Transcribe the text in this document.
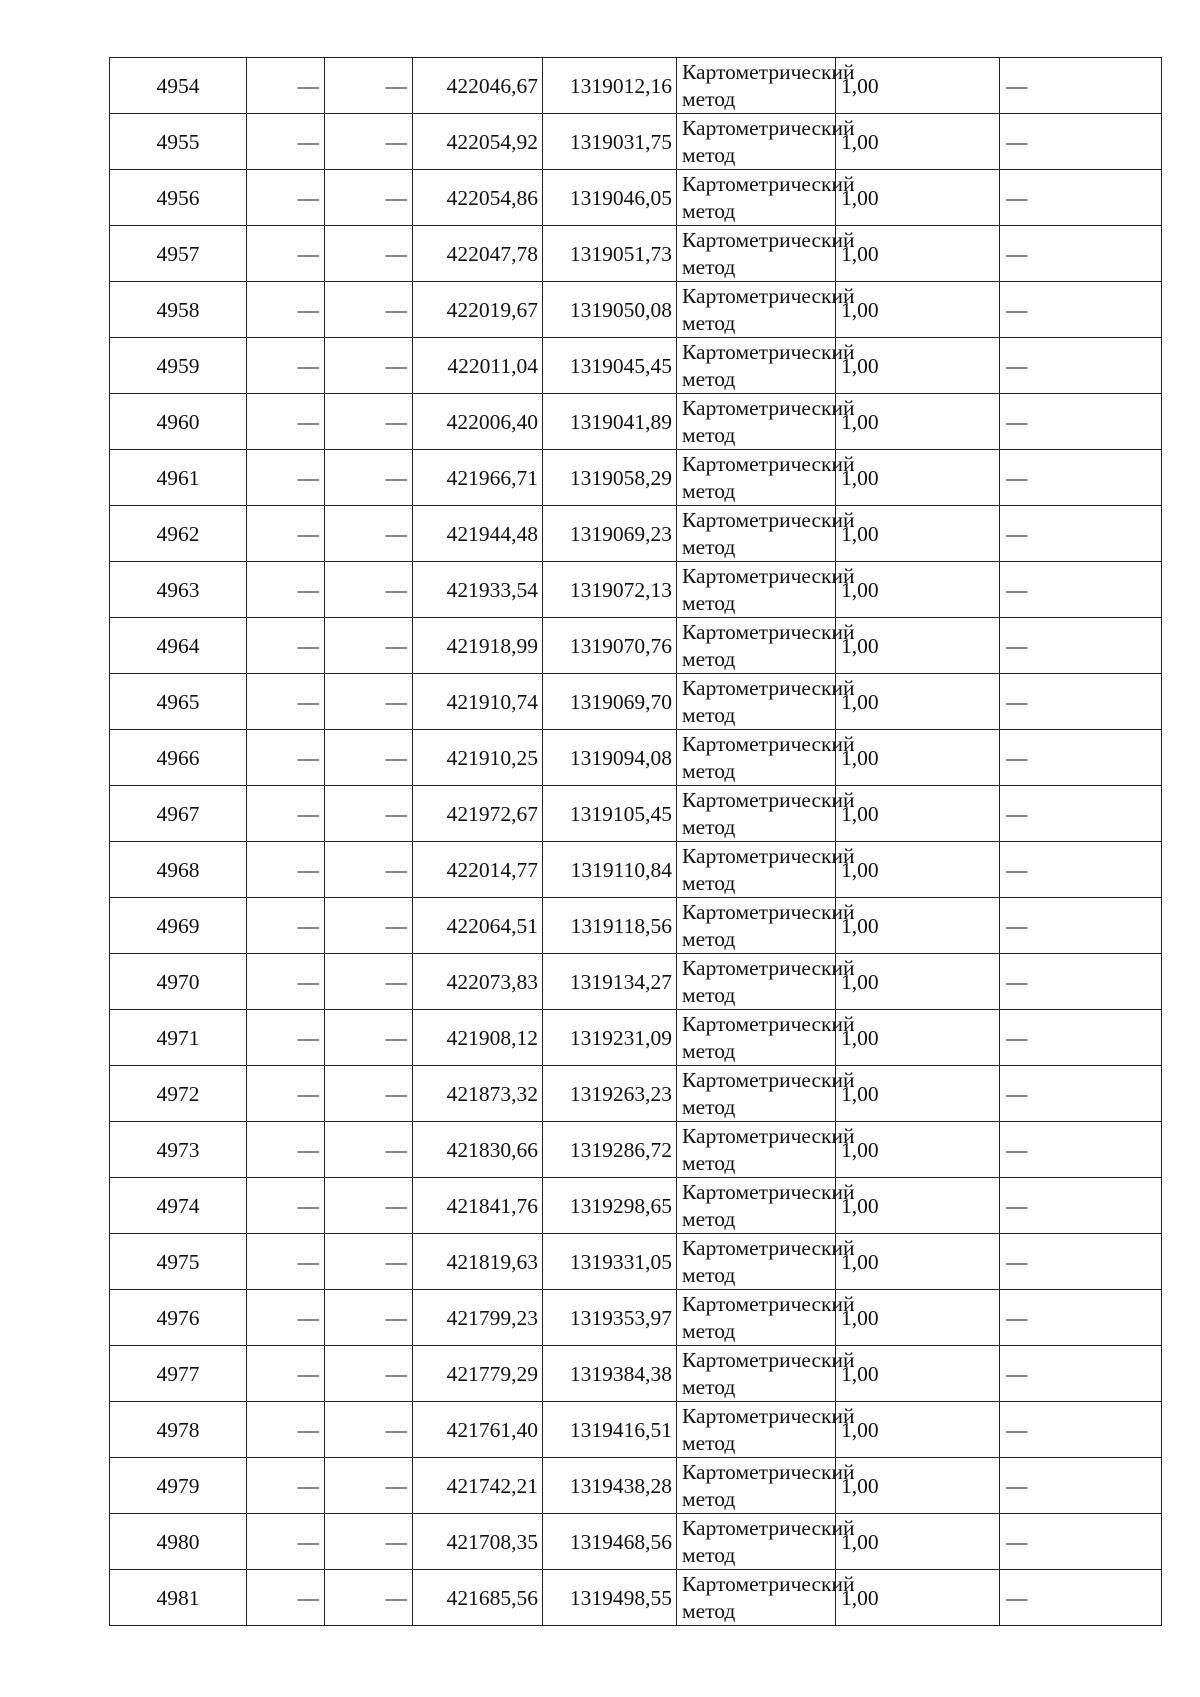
4954	—	—	422046,67	1319012,16	Картометрический метод	1,00	—
4955	—	—	422054,92	1319031,75	Картометрический метод	1,00	—
4956	—	—	422054,86	1319046,05	Картометрический метод	1,00	—
4957	—	—	422047,78	1319051,73	Картометрический метод	1,00	—
4958	—	—	422019,67	1319050,08	Картометрический метод	1,00	—
4959	—	—	422011,04	1319045,45	Картометрический метод	1,00	—
4960	—	—	422006,40	1319041,89	Картометрический метод	1,00	—
4961	—	—	421966,71	1319058,29	Картометрический метод	1,00	—
4962	—	—	421944,48	1319069,23	Картометрический метод	1,00	—
4963	—	—	421933,54	1319072,13	Картометрический метод	1,00	—
4964	—	—	421918,99	1319070,76	Картометрический метод	1,00	—
4965	—	—	421910,74	1319069,70	Картометрический метод	1,00	—
4966	—	—	421910,25	1319094,08	Картометрический метод	1,00	—
4967	—	—	421972,67	1319105,45	Картометрический метод	1,00	—
4968	—	—	422014,77	1319110,84	Картометрический метод	1,00	—
4969	—	—	422064,51	1319118,56	Картометрический метод	1,00	—
4970	—	—	422073,83	1319134,27	Картометрический метод	1,00	—
4971	—	—	421908,12	1319231,09	Картометрический метод	1,00	—
4972	—	—	421873,32	1319263,23	Картометрический метод	1,00	—
4973	—	—	421830,66	1319286,72	Картометрический метод	1,00	—
4974	—	—	421841,76	1319298,65	Картометрический метод	1,00	—
4975	—	—	421819,63	1319331,05	Картометрический метод	1,00	—
4976	—	—	421799,23	1319353,97	Картометрический метод	1,00	—
4977	—	—	421779,29	1319384,38	Картометрический метод	1,00	—
4978	—	—	421761,40	1319416,51	Картометрический метод	1,00	—
4979	—	—	421742,21	1319438,28	Картометрический метод	1,00	—
4980	—	—	421708,35	1319468,56	Картометрический метод	1,00	—
4981	—	—	421685,56	1319498,55	Картометрический метод	1,00	—
